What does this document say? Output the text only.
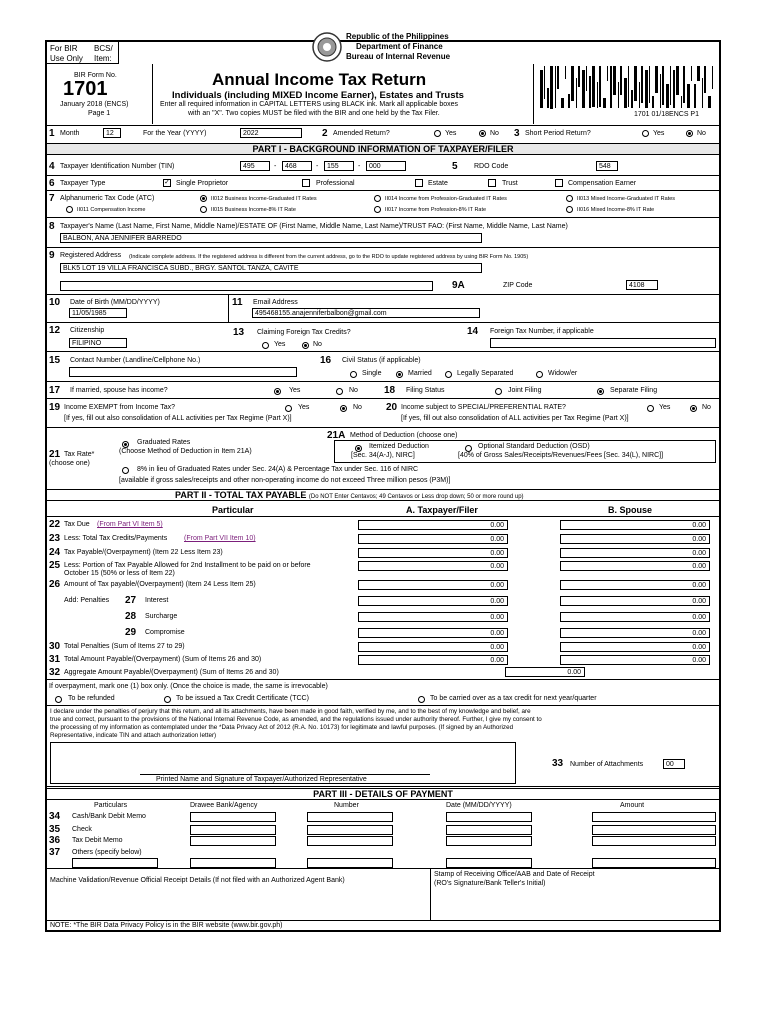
For BIR BCS/
Use Only Item:
Republic of the Philippines
Department of Finance
Bureau of Internal Revenue
BIR Form No.
1701
January 2018 (ENCS)
Page 1
Annual Income Tax Return
Individuals (including MIXED Income Earner), Estates and Trusts
Enter all required information in CAPITAL LETTERS using BLACK ink. Mark all applicable boxes
with an "X". Two copies MUST be filed with the BIR and one held by the Tax Filer.	1701 01/18ENCS P1
1 Month	12	For the Year (YYYY)	2022	2 Amended Return?	Yes	No 3 Short Period Return?	Yes	No
PART I - BACKGROUND INFORMATION OF TAXPAYER/FILER
4 Taxpayer Identification Number (TIN)	495	-	468	-	155	-	000	5 RDO Code	548
6 Taxpayer Type	✓ Single Proprietor	Professional	Estate	Trust	Compensation Earner
7 Alphanumeric Tax Code (ATC)	II012 Business Income-Graduated IT Rates	II014 Income from Profession-Graduated IT Rates	II013 Mixed Income-Graduated IT Rates
II011 Compensation Income	II015 Business Income-8% IT Rate	II017 Income from Profession-8% IT Rate	II016 Mixed Income-8% IT Rate
8 Taxpayer's Name (Last Name, First Name, Middle Name)/ESTATE OF (First Name, Middle Name, Last Name)/TRUST FAO: (First Name, Middle Name, Last Name)
BALBON, ANA JENNIFER BARREDO
9 Registered Address (Indicate complete address. If the registered address is different from the current address, go to the RDO to update registered address by using BIR Form No. 1905)
BLK5 LOT 19 VILLA FRANCISCA SUBD., BRGY. SANTOL TANZA, CAVITE
9A	ZIP Code	4108
10 Date of Birth (MM/DD/YYYY)
11/05/1985
11 Email Address
495468155.anajenniferbalbon@gmail.com
12 Citizenship
FILIPINO
13 Claiming Foreign Tax Credits?
Yes	No
14 Foreign Tax Number, if applicable
15 Contact Number (Landline/Cellphone No.)	16 Civil Status (if applicable)
Single	Married	Legally Separated	Widow/er
17 If married, spouse has income?	Yes	No	18 Filing Status	Joint Filing	Separate Filing
19 Income EXEMPT from Income Tax?	Yes	No
[If yes, fill out also consolidation of ALL activities per Tax Regime (Part X)]
20 Income subject to SPECIAL/PREFERENTIAL RATE?	Yes	No
[If yes, fill out also consolidation of ALL activities per Tax Regime (Part X)]
21A Method of Deduction (choose one)
21 Tax Rate*
(choose one)
Graduated Rates
(Choose Method of Deduction in Item 21A)
Itemized Deduction
[Sec. 34(A-J), NIRC]
Optional Standard Deduction (OSD)
[40% of Gross Sales/Receipts/Revenues/Fees [Sec. 34(L), NIRC]]
8% in lieu of Graduated Rates under Sec. 24(A) & Percentage Tax under Sec. 116 of NIRC
[available if gross sales/receipts and other non-operating income do not exceed Three million pesos (P3M)]
PART II - TOTAL TAX PAYABLE (Do NOT Enter Centavos; 49 Centavos or Less drop down; 50 or more round up)
Particular	A. Taxpayer/Filer	B. Spouse
22 Tax Due (From Part VI Item 5)	0.00	0.00
23 Less: Total Tax Credits/Payments (From Part VII Item 10)	0.00	0.00
24 Tax Payable/(Overpayment) (Item 22 Less Item 23)	0.00	0.00
25 Less: Portion of Tax Payable Allowed for 2nd Installment to be paid on or before
October 15 (50% or less of Item 22)
0.00	0.00
26 Amount of Tax payable/(Overpayment) (Item 24 Less Item 25)	0.00	0.00
27
Add: Penalties	Interest	0.00	0.00
28 Surcharge	0.00	0.00
29 Compromise	0.00	0.00
30 Total Penalties (Sum of Items 27 to 29)	0.00	0.00
31 Total Amount Payable/(Overpayment) (Sum of Items 26 and 30)	0.00	0.00
32 Aggregate Amount Payable/(Overpayment) (Sum of Items 26 and 30)	0.00
If overpayment, mark one (1) box only. (Once the choice is made, the same is irrevocable)
To be refunded	To be issued a Tax Credit Certificate (TCC)	To be carried over as a tax credit for next year/quarter
I declare under the penalties of perjury that this return, and all its attachments, have been made in good faith, verified by me, and to the best of my knowledge and belief, are
true and correct, pursuant to the provisions of the National Internal Revenue Code, as amended, and the regulations issued under authority thereof. Further, I give my consent to
the processing of my information as contemplated under the *Data Privacy Act of 2012 (R.A. No. 10173) for legitimate and lawful purposes. (If signed by an Authorized
Representative, indicate TIN and attach authorization letter)
Printed Name and Signature of Taxpayer/Authorized Representative
33 Number of Attachments	00
PART III - DETAILS OF PAYMENT
Particulars	Drawee Bank/Agency	Number	Date (MM/DD/YYYY)	Amount
34 Cash/Bank Debit Memo
35 Check
36 Tax Debit Memo
37 Others (specify below)
Machine Validation/Revenue Official Receipt Details (If not filed with an Authorized Agent Bank)
Stamp of Receiving Office/AAB and Date of Receipt
(RO's Signature/Bank Teller's Initial)
NOTE: *The BIR Data Privacy Policy is in the BIR website (www.bir.gov.ph)
